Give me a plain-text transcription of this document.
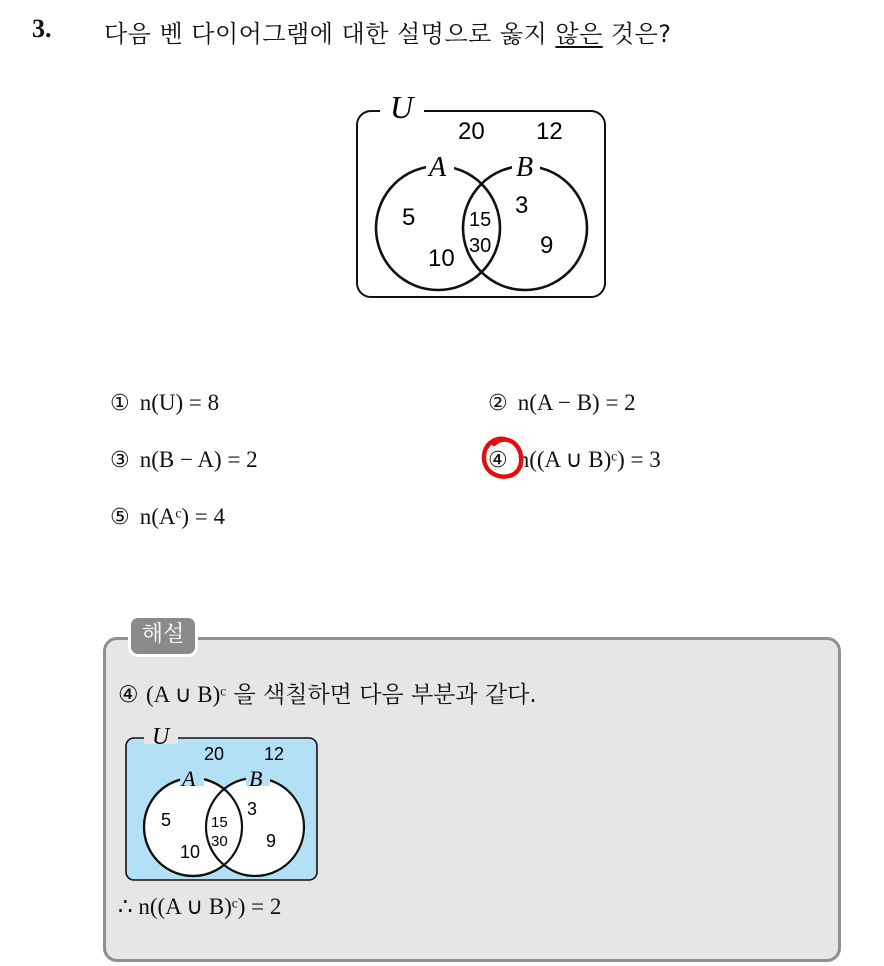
3. 다음 벤 다이어그램에 대한 설명으로 옳지 않은 것은?
U
A B
20 12
5
10
15
30
3
9
① n(U) = 8	② n(A − B) = 2
③ n(B − A) = 2	④ n((A ∪ B)ᶜ) = 3
⑤ n(Aᶜ) = 4
해설
④ (A ∪ B)ᶜ 을 색칠하면 다음 부분과 같다.
U
A B
20 12
5
10
15
30
3
9
∴ n((A ∪ B)ᶜ) = 2
